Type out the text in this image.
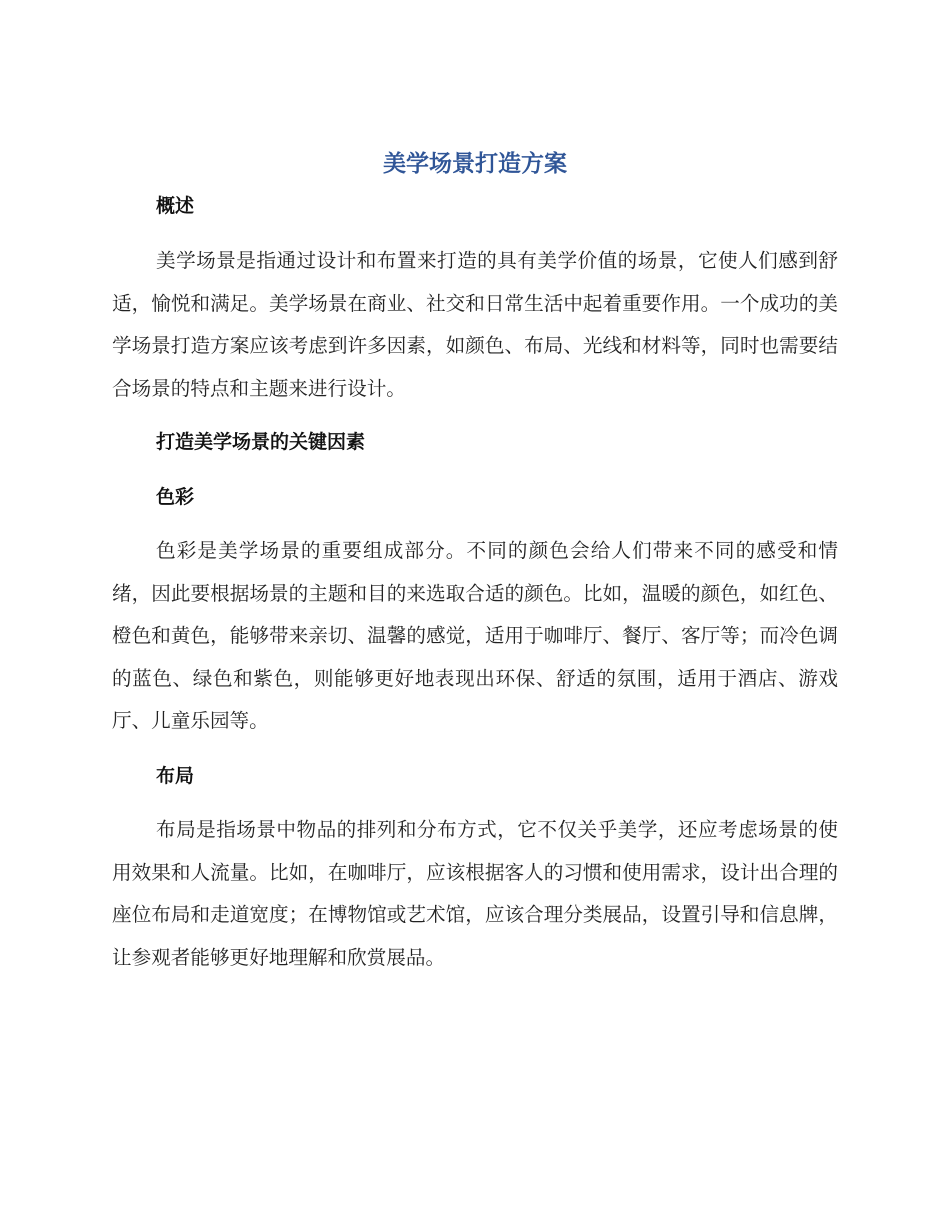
美学场景打造方案
概述

美学场景是指通过设计和布置来打造的具有美学价值的场景，它使人们感到舒适，愉悦和满足。美学场景在商业、社交和日常生活中起着重要作用。一个成功的美学场景打造方案应该考虑到许多因素，如颜色、布局、光线和材料等，同时也需要结合场景的特点和主题来进行设计。

打造美学场景的关键因素
色彩

色彩是美学场景的重要组成部分。不同的颜色会给人们带来不同的感受和情绪，因此要根据场景的主题和目的来选取合适的颜色。比如，温暖的颜色，如红色、橙色和黄色，能够带来亲切、温馨的感觉，适用于咖啡厅、餐厅、客厅等；而冷色调的蓝色、绿色和紫色，则能够更好地表现出环保、舒适的氛围，适用于酒店、游戏厅、儿童乐园等。

布局

布局是指场景中物品的排列和分布方式，它不仅关乎美学，还应考虑场景的使用效果和人流量。比如，在咖啡厅，应该根据客人的习惯和使用需求，设计出合理的座位布局和走道宽度；在博物馆或艺术馆，应该合理分类展品，设置引导和信息牌，让参观者能够更好地理解和欣赏展品。
